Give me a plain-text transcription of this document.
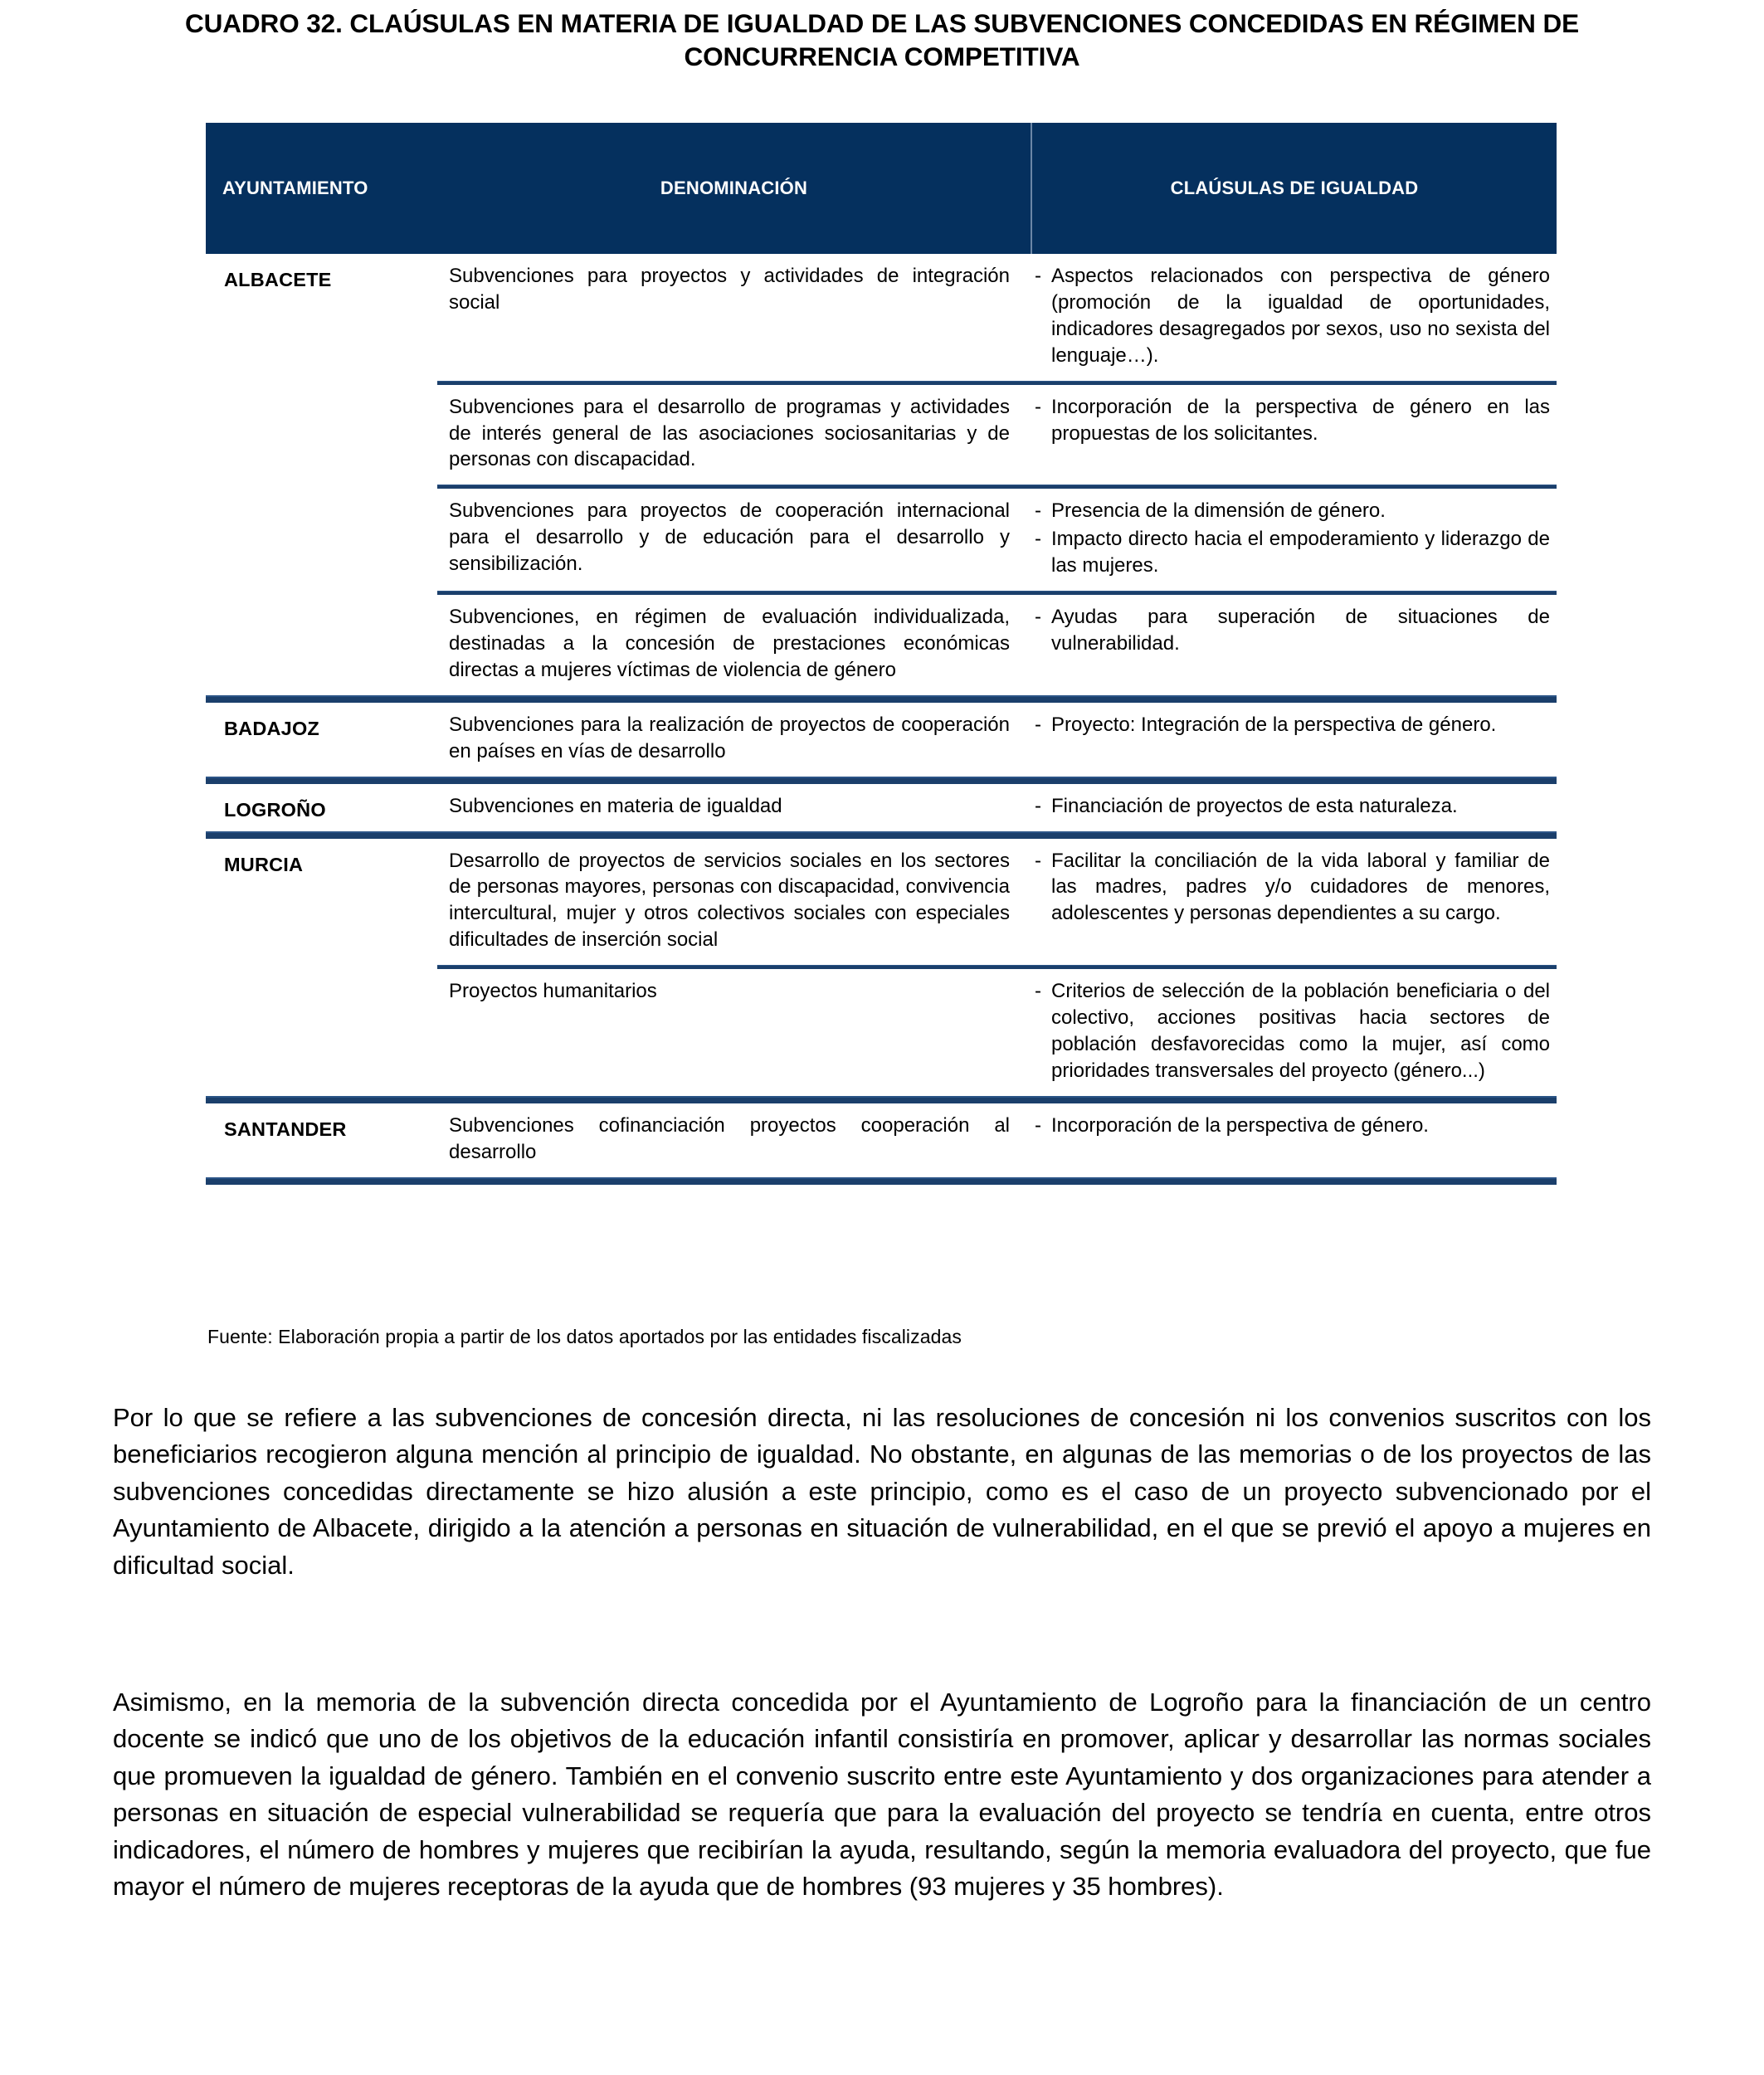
CUADRO 32. CLAÚSULAS EN MATERIA DE IGUALDAD DE LAS SUBVENCIONES CONCEDIDAS EN RÉGIMEN DE CONCURRENCIA COMPETITIVA
AYUNTAMIENTO	DENOMINACIÓN	CLAÚSULAS DE IGUALDAD
ALBACETE	Subvenciones para proyectos y actividades de integración social	
- Aspectos relacionados con perspectiva de género (promoción de la igualdad de oportunidades, indicadores desagregados por sexos, uso no sexista del lenguaje…).

	Subvenciones para el desarrollo de programas y actividades de interés general de las asociaciones sociosanitarias y de personas con discapacidad.	
- Incorporación de la perspectiva de género en las propuestas de los solicitantes.

	Subvenciones para proyectos de cooperación internacional para el desarrollo y de educación para el desarrollo y sensibilización.	
- Presencia de la dimensión de género.
- Impacto directo hacia el empoderamiento y liderazgo de las mujeres.

	Subvenciones, en régimen de evaluación individualizada, destinadas a la concesión de prestaciones económicas directas a mujeres víctimas de violencia de género	
- Ayudas para superación de situaciones de vulnerabilidad.

BADAJOZ	Subvenciones para la realización de proyectos de cooperación en países en vías de desarrollo	
- Proyecto: Integración de la perspectiva de género.

LOGROÑO	Subvenciones en materia de igualdad	
-Financiación de proyectos de esta naturaleza.

MURCIA	Desarrollo de proyectos de servicios sociales en los sectores de personas mayores, personas con discapacidad, convivencia intercultural, mujer y otros colectivos sociales con especiales dificultades de inserción social	
- Facilitar la conciliación de la vida laboral y familiar de las madres, padres y/o cuidadores de menores, adolescentes y personas dependientes a su cargo.

	Proyectos humanitarios	
-Criterios de selección de la población beneficiaria o del colectivo, acciones positivas hacia sectores de población desfavorecidas como la mujer, así como prioridades transversales del proyecto (género...)

SANTANDER	Subvenciones cofinanciación proyectos cooperación al desarrollo	
- Incorporación de la perspectiva de género.

Fuente: Elaboración propia a partir de los datos aportados por las entidades fiscalizadas
Por lo que se refiere a las subvenciones de concesión directa, ni las resoluciones de concesión ni los convenios suscritos con los beneficiarios recogieron alguna mención al principio de igualdad. No obstante, en algunas de las memorias o de los proyectos de las subvenciones concedidas directamente se hizo alusión a este principio, como es el caso de un proyecto subvencionado por el Ayuntamiento de Albacete, dirigido a la atención a personas en situación de vulnerabilidad, en el que se previó el apoyo a mujeres en dificultad social.
Asimismo, en la memoria de la subvención directa concedida por el Ayuntamiento de Logroño para la financiación de un centro docente se indicó que uno de los objetivos de la educación infantil consistiría en promover, aplicar y desarrollar las normas sociales que promueven la igualdad de género. También en el convenio suscrito entre este Ayuntamiento y dos organizaciones para atender a personas en situación de especial vulnerabilidad se requería que para la evaluación del proyecto se tendría en cuenta, entre otros indicadores, el número de hombres y mujeres que recibirían la ayuda, resultando, según la memoria evaluadora del proyecto, que fue mayor el número de mujeres receptoras de la ayuda que de hombres (93 mujeres y 35 hombres).
